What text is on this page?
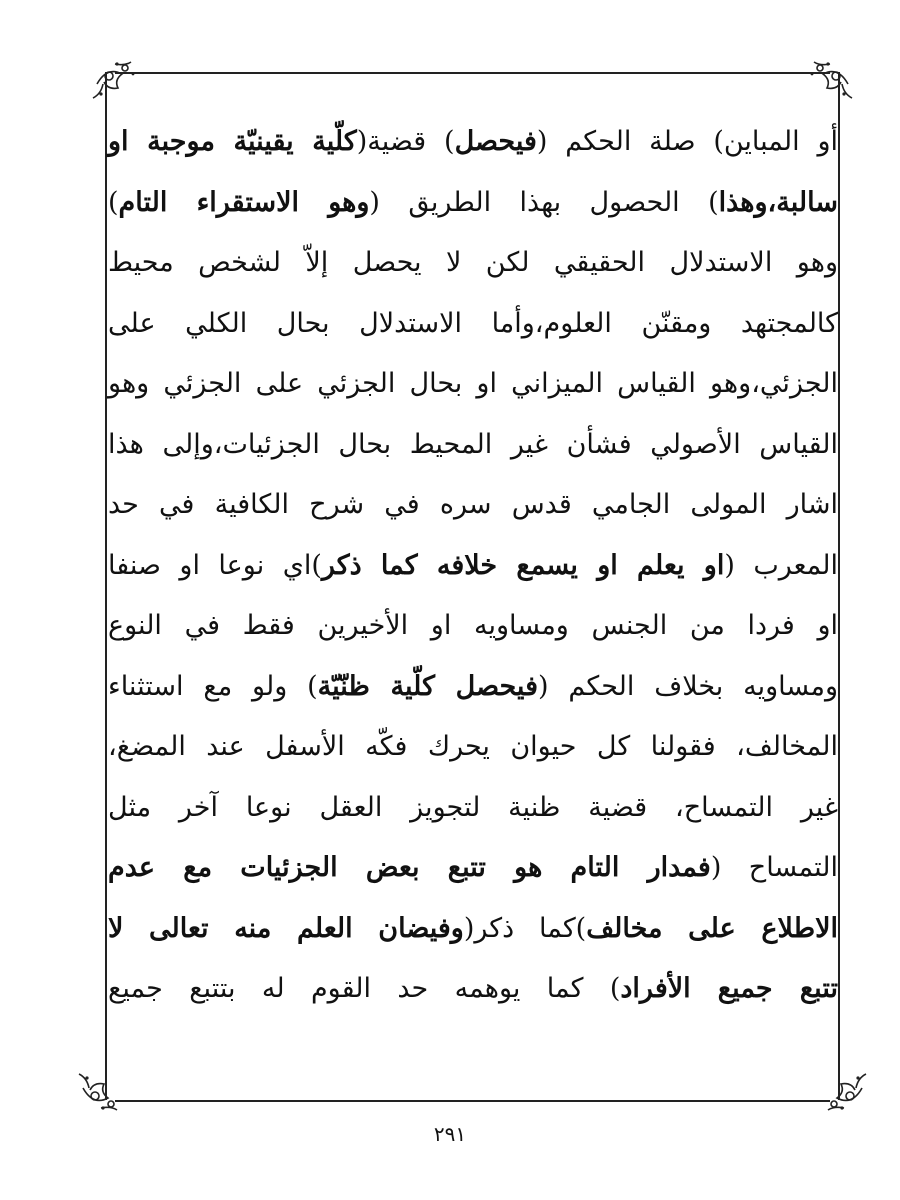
أو المباين) صلة الحكم (فيحصل) قضية(كلّية يقينيّة موجبة او
سالبة،وهذا) الحصول بهذا الطريق (وهو الاستقراء التام)
وهو الاستدلال الحقيقي لكن لا يحصل إلاّ لشخص محيط
كالمجتهد ومقنّن العلوم،وأما الاستدلال بحال الكلي على
الجزئي،وهو القياس الميزاني او بحال الجزئي على الجزئي وهو
القياس الأصولي فشأن غير المحيط بحال الجزئيات،وإلى هذا
اشار المولى الجامي قدس سره في شرح الكافية في حد
المعرب (او يعلم او يسمع خلافه كما ذكر)اي نوعا او صنفا
او فردا من الجنس ومساويه او الأخيرين فقط في النوع
ومساويه بخلاف الحكم (فيحصل كلّية ظنّيّة) ولو مع استثناء
المخالف، فقولنا كل حيوان يحرك فكّه الأسفل عند المضغ،
غير التمساح، قضية ظنية لتجويز العقل نوعا آخر مثل
التمساح (فمدار التام هو تتبع بعض الجزئيات مع عدم
الاطلاع على مخالف)كما ذكر(وفيضان العلم منه تعالى لا
تتبع جميع الأفراد) كما يوهمه حد القوم له بتتبع جميع
٢٩١
